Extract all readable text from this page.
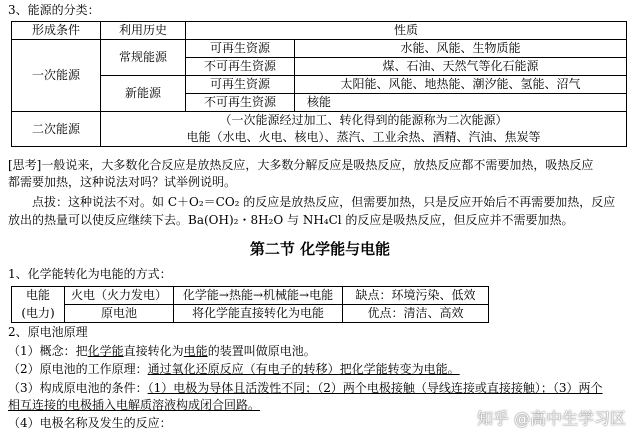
3、能源的分类：
形成条件	利用历史	性质	
一次能源	常规能源	可再生资源	水能、风能、生物质能
		不可再生资源	煤、石油、天然气等化石能源
	新能源	可再生资源	太阳能、风能、地热能、潮汐能、氢能、沼气
		不可再生资源	核能
二次能源	（一次能源经过加工、转化得到的能源称为二次能源）		
	电能（水电、火电、核电）、蒸汽、工业余热、酒精、汽油、焦炭等		
[思考]一般说来，大多数化合反应是放热反应，大多数分解反应是吸热反应，放热反应都不需要加热，吸热反应
都需要加热，这种说法对吗？试举例说明。
点拔：这种说法不对。如 C＋O₂＝CO₂ 的反应是放热反应，但需要加热，只是反应开始后不再需要加热，反应
放出的热量可以使反应继续下去。Ba(OH)₂・8H₂O 与 NH₄Cl 的反应是吸热反应，但反应并不需要加热。
第二节 化学能与电能
1、化学能转化为电能的方式：
电能	火电（火力发电）	化学能→热能→机械能→电能	缺点：环境污染、低效
(电力)	原电池	将化学能直接转化为电能	优点：清洁、高效
2、原电池原理
（1）概念：把化学能直接转化为电能的装置叫做原电池。
（2）原电池的工作原理：通过氧化还原反应（有电子的转移）把化学能转变为电能。
（3）构成原电池的条件：（1）电极为导体且活泼性不同；（2）两个电极接触（导线连接或直接接触）；（3）两个
相互连接的电极插入电解质溶液构成闭合回路。
（4）电极名称及发生的反应：	知乎 @高中生学习区
